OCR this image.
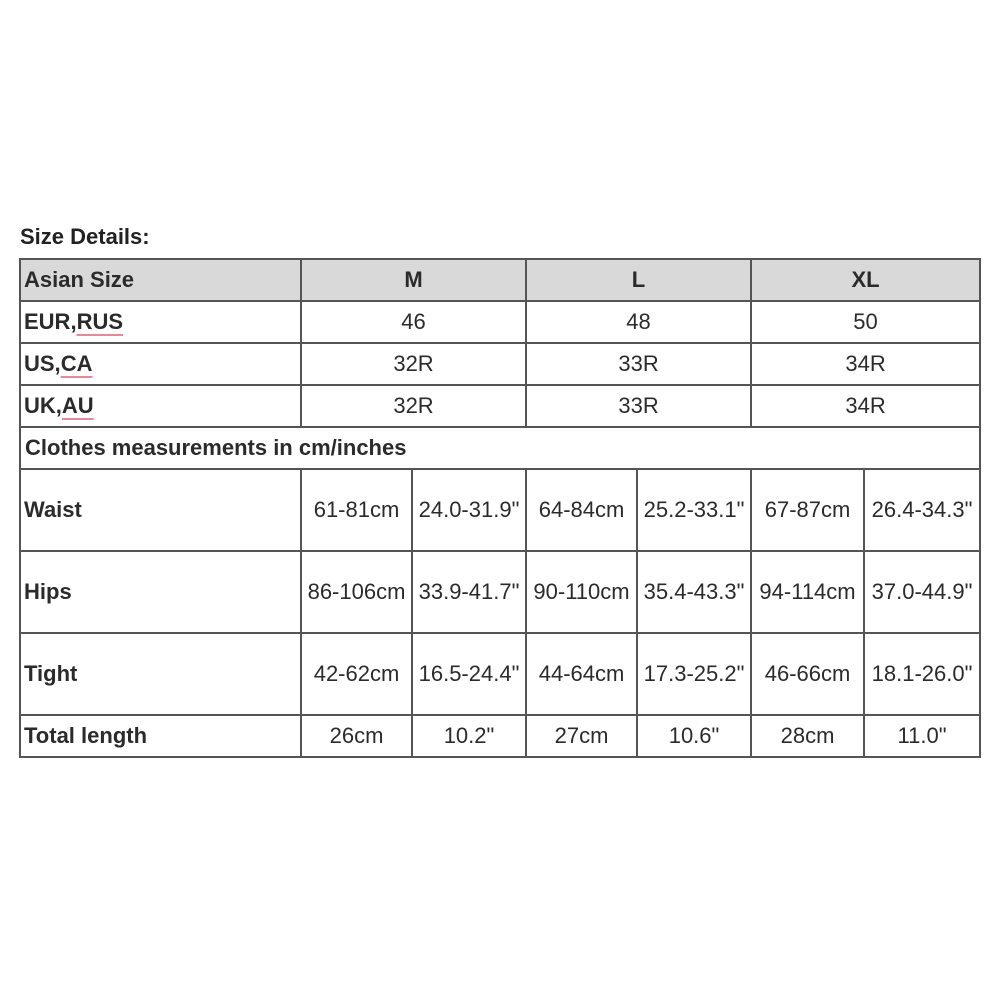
Size Details:
Asian Size	M		L		XL	
EUR,RUS	46		48		50	
US,CA	32R		33R		34R	
UK,AU	32R		33R		34R	
Clothes measurements in cm/inches						
Waist	61-81cm	24.0-31.9"	64-84cm	25.2-33.1"	67-87cm	26.4-34.3"
Hips	86-106cm	33.9-41.7"	90-110cm	35.4-43.3"	94-114cm	37.0-44.9"
Tight	42-62cm	16.5-24.4"	44-64cm	17.3-25.2"	46-66cm	18.1-26.0"
Total length	26cm	10.2"	27cm	10.6"	28cm	11.0"
